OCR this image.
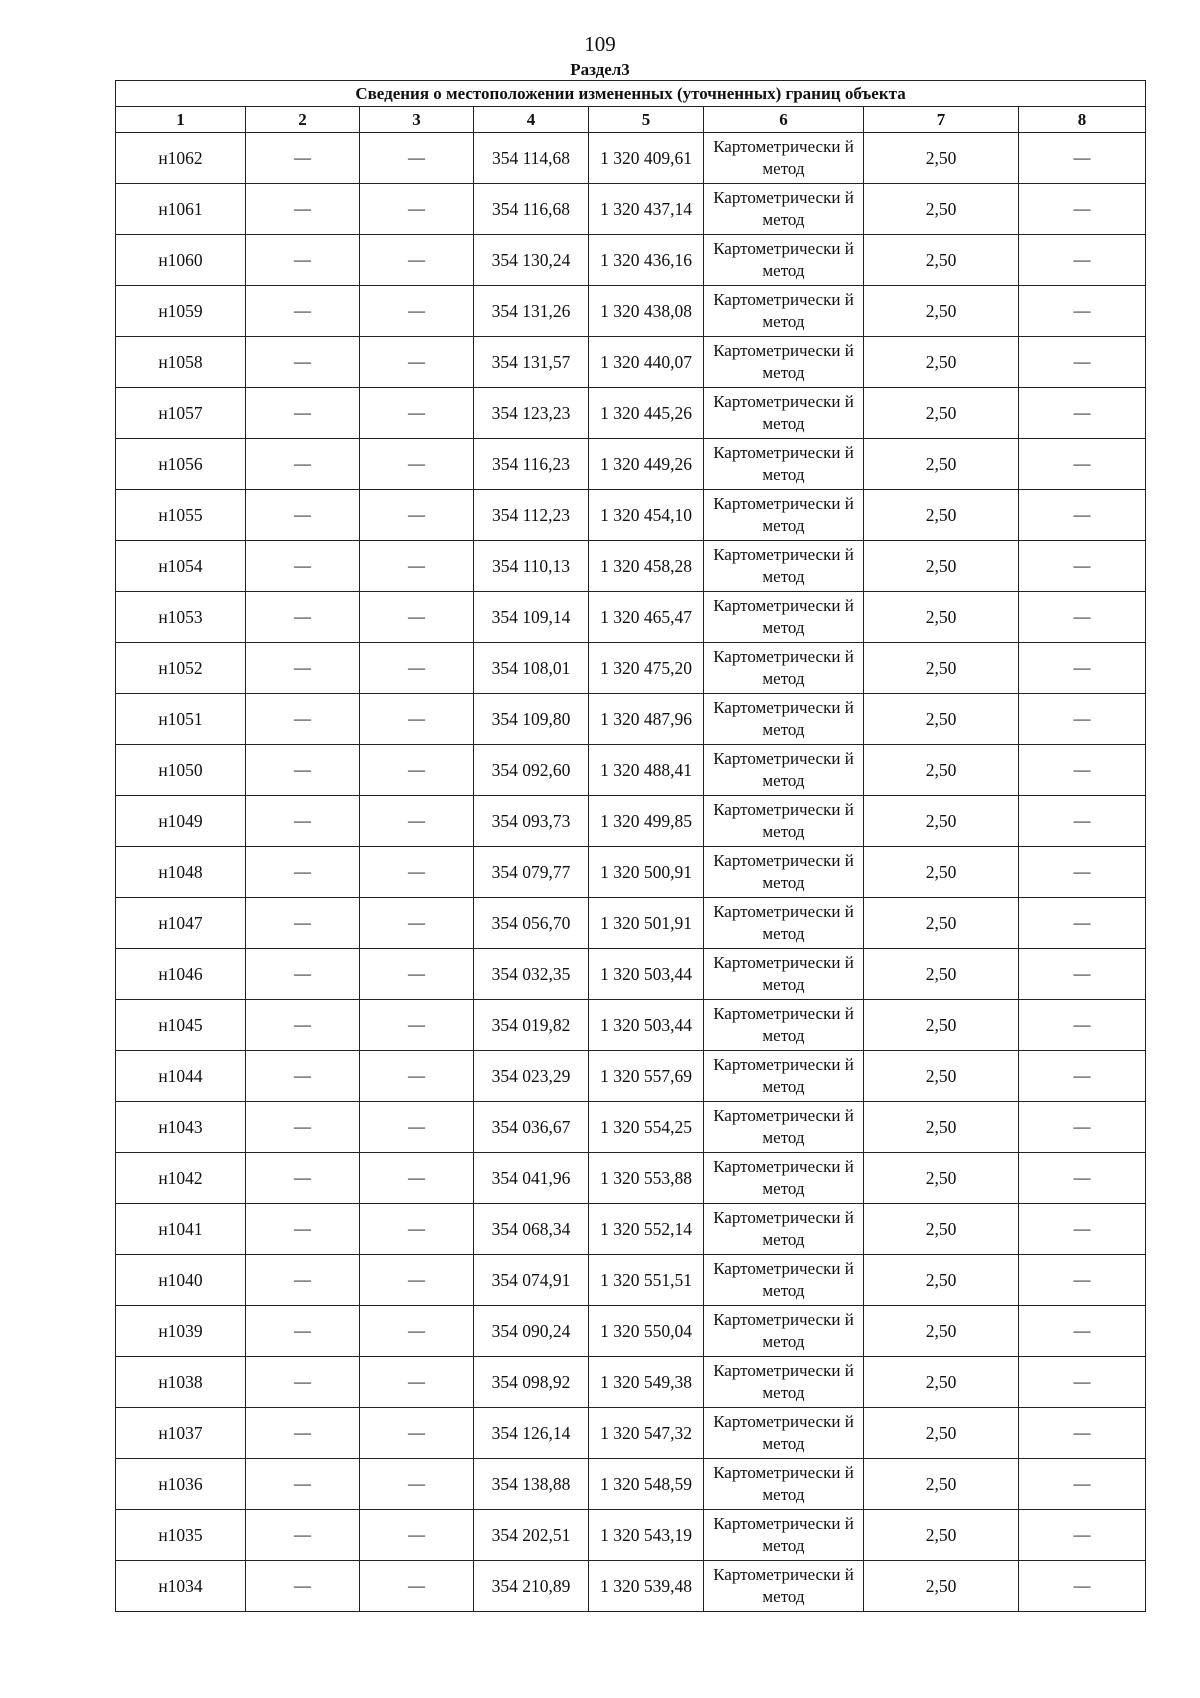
109
Раздел3
Сведения о местоположении измененных (уточненных) границ объекта							
1	2	3	4	5	6	7	8
н1062	—	—	354 114,68	1 320 409,61	Картометрически й метод	2,50	—
н1061	—	—	354 116,68	1 320 437,14	Картометрически й метод	2,50	—
н1060	—	—	354 130,24	1 320 436,16	Картометрически й метод	2,50	—
н1059	—	—	354 131,26	1 320 438,08	Картометрически й метод	2,50	—
н1058	—	—	354 131,57	1 320 440,07	Картометрически й метод	2,50	—
н1057	—	—	354 123,23	1 320 445,26	Картометрически й метод	2,50	—
н1056	—	—	354 116,23	1 320 449,26	Картометрически й метод	2,50	—
н1055	—	—	354 112,23	1 320 454,10	Картометрически й метод	2,50	—
н1054	—	—	354 110,13	1 320 458,28	Картометрически й метод	2,50	—
н1053	—	—	354 109,14	1 320 465,47	Картометрически й метод	2,50	—
н1052	—	—	354 108,01	1 320 475,20	Картометрически й метод	2,50	—
н1051	—	—	354 109,80	1 320 487,96	Картометрически й метод	2,50	—
н1050	—	—	354 092,60	1 320 488,41	Картометрически й метод	2,50	—
н1049	—	—	354 093,73	1 320 499,85	Картометрически й метод	2,50	—
н1048	—	—	354 079,77	1 320 500,91	Картометрически й метод	2,50	—
н1047	—	—	354 056,70	1 320 501,91	Картометрически й метод	2,50	—
н1046	—	—	354 032,35	1 320 503,44	Картометрически й метод	2,50	—
н1045	—	—	354 019,82	1 320 503,44	Картометрически й метод	2,50	—
н1044	—	—	354 023,29	1 320 557,69	Картометрически й метод	2,50	—
н1043	—	—	354 036,67	1 320 554,25	Картометрически й метод	2,50	—
н1042	—	—	354 041,96	1 320 553,88	Картометрически й метод	2,50	—
н1041	—	—	354 068,34	1 320 552,14	Картометрически й метод	2,50	—
н1040	—	—	354 074,91	1 320 551,51	Картометрически й метод	2,50	—
н1039	—	—	354 090,24	1 320 550,04	Картометрически й метод	2,50	—
н1038	—	—	354 098,92	1 320 549,38	Картометрически й метод	2,50	—
н1037	—	—	354 126,14	1 320 547,32	Картометрически й метод	2,50	—
н1036	—	—	354 138,88	1 320 548,59	Картометрически й метод	2,50	—
н1035	—	—	354 202,51	1 320 543,19	Картометрически й метод	2,50	—
н1034	—	—	354 210,89	1 320 539,48	Картометрически й метод	2,50	—
